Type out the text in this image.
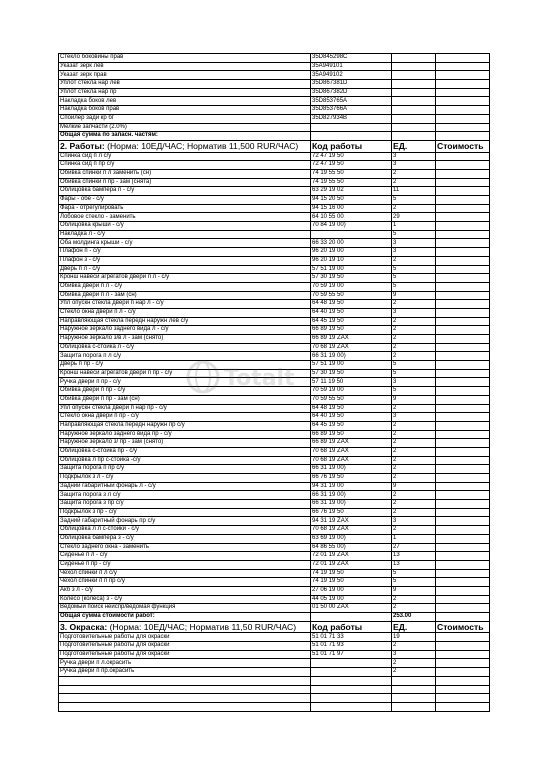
Стекло боковины прав	35D845298C		
Указат зерк лев	35A949101		
Указат зерк прав	35A949102		
Уплот стекла нар лев	35D867381D		
Уплот стекла нар пр	35D867382D		
Накладка боков лев	35D853765A		
Накладка боков прав	35D853766A		
Спойлер зади кр бг	35D827934B		
Мелкие запчасти (2.0%)			
Общая сумма по запасн. частям:			
2. Работы: (Норма: 10ЕД/ЧАС; Норматив 11,500 RUR/ЧАС)	Код работы	ЕД.	Стоимость
Спинка сид п л с/у	72 47 19 50	3	
Спинка сид п пр с/у	72 47 19 50	3	
Обивка спинки п л заменить (сн)	74 19 55 50	2	
Обивка спинки п пр - зам (снята)	74 19 55 50	2	
Облицовка бампера п - с/у	63 29 19 02	11	
Фары - обе - с/у	94 15 20 50	5	
Фара - отрегулировать	94 15 16 00	2	
Лобовое стекло - заменить	64 10 55 00	29	
Облицовка крыши - с/у	70 84 19 00)	1	
Накладка л - с/у		5	
Оба молдинга крыши - с/у	66 33 20 00	3	
Плафон п - с/у	96 20 19 00	3	
Плафон з - с/у	96 20 19 10	2	
Дверь п л - с/у	57 51 19 00	5	
Кронш навеси агрегатов двери п л - с/у	57 30 19 50	5	
Обивка двери п л - с/у	70 59 19 00	5	
Обивка двери п л - зам (сн)	70 59 55 50	9	
Упл опускн стекла двери п нар л - с/у	64 48 19 50	2	
Стекло окна двери п л - с/у	64 40 19 50	3	
Направляющая стекла передн наружн лев с/у	64 45 19 50	2	
Наружное зеркало заднего вида л - с/у	66 89 19 50	2	
Наружное зеркало з/в л - зам (снято)	66 89 19 ZAX	2	
Облицовка с-стойка л - с/у	70 68 19 ZAX	2	
Защита порога п л с/у	66 31 19 00)	2	
Дверь п пр - с/у	57 51 19 00	5	
Кронш навеси агрегатов двери п пр - с/у	57 30 19 50	5	
Ручка двери п пр - с/у	57 11 19 50	3	
Обивка двери п пр - с/у	70 59 19 00	5	
Обивка двери п пр - зам (сн)	70 59 55 50	9	
Упл опускн стекла двери п нар пр - с/у	64 48 19 50	2	
Стекло окна двери п пр - с/у	64 40 19 50	3	
Направляющая стекла передн наружн пр с/у	64 45 19 50	2	
Наружное зеркало заднего вида пр - с/у	66 89 19 50	2	
Наружное зеркало з/ пр - зам (снято)	66 89 19 ZAX	2	
Облицовка с-стойка пр - с/у	70 68 19 ZAX	2	
Облицовка л пр с-стойка -с/у	70 68 19 ZAX	2	
Защита порога п пр с/у	66 31 19 00)	2	
Подкрылок з л - с/у	66 76 19 50	2	
Задний габаритный фонарь л - с/у	94 31 19 00	9	
Защита порога з л с/у	66 31 19 00)	2	
Защита порога з пр с/у	66 31 19 00)	2	
Подкрылок з пр - с/у	66 76 19 50	2	
Задний габаритный фонарь пр с/у	94 31 19 ZAX	3	
Облицовка л л с-стойки - с/у	70 68 19 ZAX	2	
Облицовка бампера з - с/у	63 69 19 00)	1	
Стекло заднего окна - заменить	64 86 55 00)	27	
Сиденье п л - с/у	72 01 19 ZAX	13	
Сиденье п пр - с/у	72 01 19 ZAX	13	
Чехол спинки п л с/у	74 19 19 50	5	
Чехол спинки п п пр с/у	74 19 19 50	5	
Акб з л - с/у	27 06 19 00	9	
Колесо (колеса) з - с/у	44 05 19 00	2	
Ведомый поиск неиспр/ведомая функция	01 50 00 ZAX	2	
Общая сумма стоимости работ:		253.00	
3. Окраска: (Норма: 10ЕД/ЧАС; Норматив 11,50 RUR/ЧАС)	Код работы	ЕД.	Стоимость
Подготовительные работы для окраски	51 01 71 33	19	
Подготовительные работы для окраски	51 01 71 93	2	
Подготовительные работы для окраски	51 01 71 97	3	
Ручка двери п л.окрасить		2	
Ручка двери п пр.окрасить		2	

Totalt
